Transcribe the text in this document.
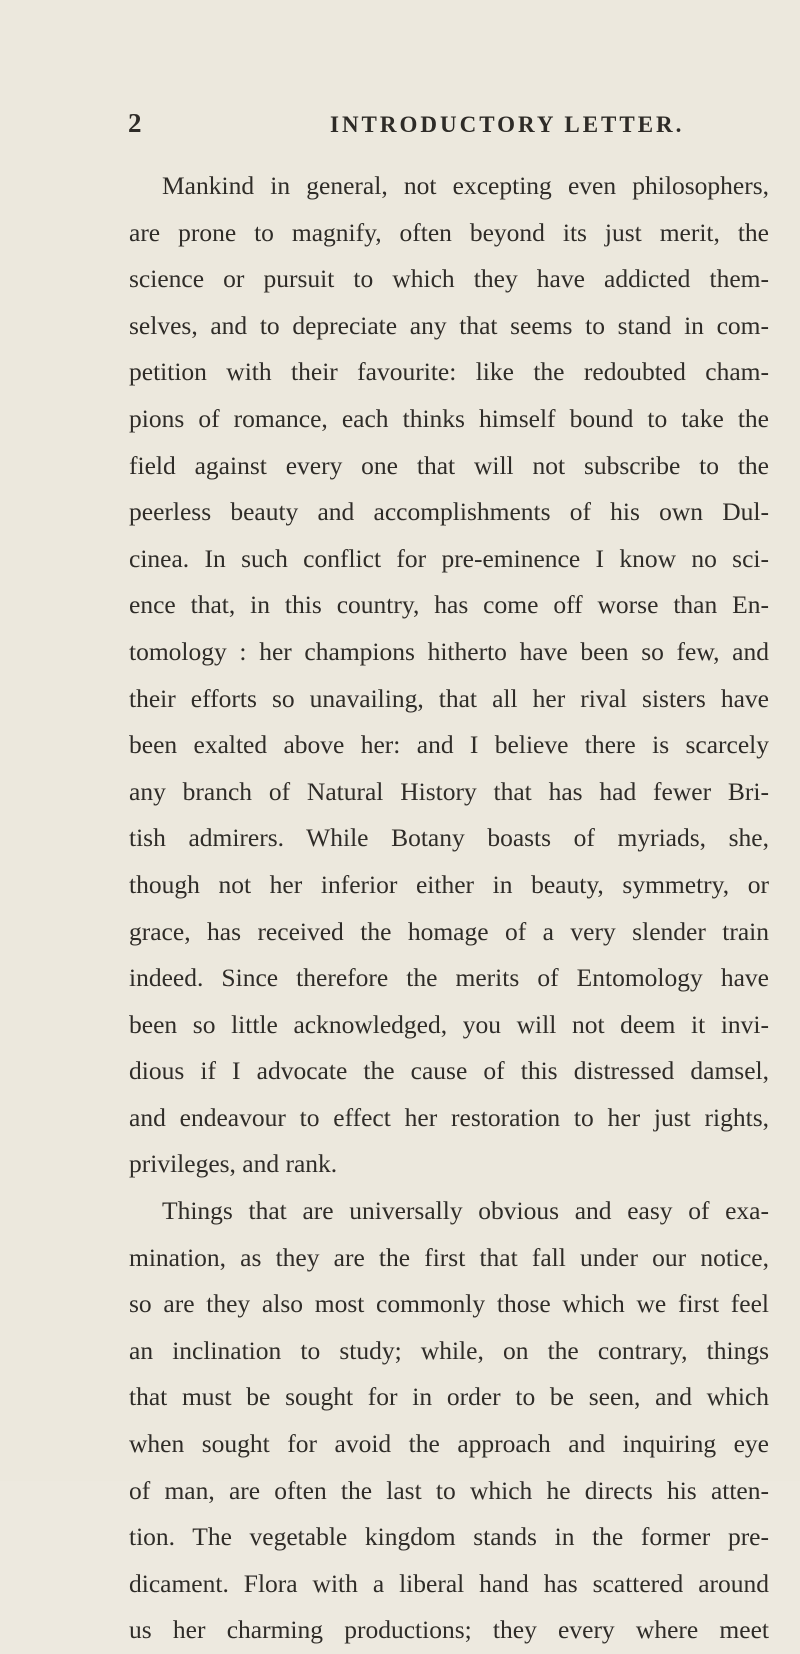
2	INTRODUCTORY LETTER.
Mankind in general, not excepting even philosophers,
are prone to magnify, often beyond its just merit, the
science or pursuit to which they have addicted them-
selves, and to depreciate any that seems to stand in com-
petition with their favourite: like the redoubted cham-
pions of romance, each thinks himself bound to take the
field against every one that will not subscribe to the
peerless beauty and accomplishments of his own Dul-
cinea. In such conflict for pre-eminence I know no sci-
ence that, in this country, has come off worse than En-
tomology : her champions hitherto have been so few, and
their efforts so unavailing, that all her rival sisters have
been exalted above her: and I believe there is scarcely
any branch of Natural History that has had fewer Bri-
tish admirers. While Botany boasts of myriads, she,
though not her inferior either in beauty, symmetry, or
grace, has received the homage of a very slender train
indeed. Since therefore the merits of Entomology have
been so little acknowledged, you will not deem it invi-
dious if I advocate the cause of this distressed damsel,
and endeavour to effect her restoration to her just rights,
privileges, and rank.
Things that are universally obvious and easy of exa-
mination, as they are the first that fall under our notice,
so are they also most commonly those which we first feel
an inclination to study; while, on the contrary, things
that must be sought for in order to be seen, and which
when sought for avoid the approach and inquiring eye
of man, are often the last to which he directs his atten-
tion. The vegetable kingdom stands in the former pre-
dicament. Flora with a liberal hand has scattered around
us her charming productions; they every where meet
